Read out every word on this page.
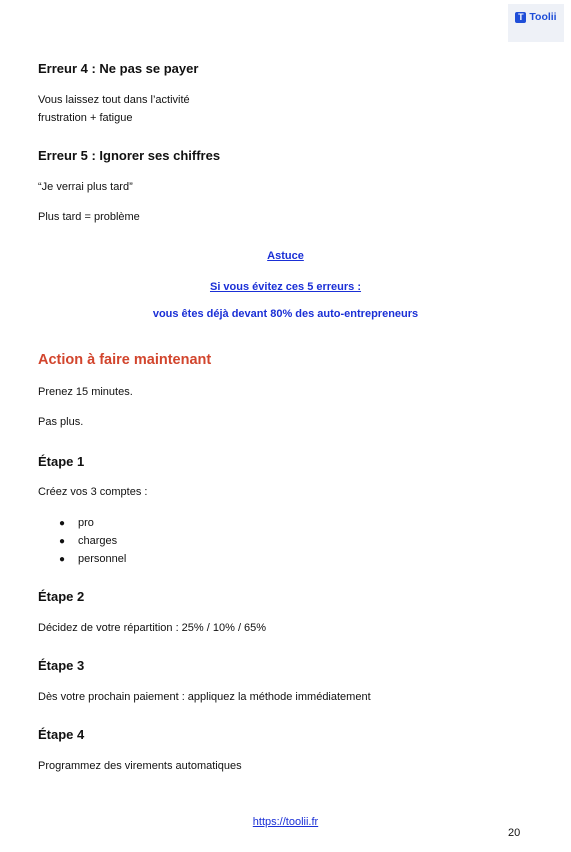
T Toolii
Erreur 4 : Ne pas se payer
Vous laissez tout dans l’activité
frustration + fatigue
Erreur 5 : Ignorer ses chiffres
“Je verrai plus tard”
Plus tard = problème
Astuce
Si vous évitez ces 5 erreurs :
vous êtes déjà devant 80% des auto-entrepreneurs
Action à faire maintenant
Prenez 15 minutes.
Pas plus.
Étape 1
Créez vos 3 comptes :
● pro
● charges
● personnel
Étape 2
Décidez de votre répartition : 25% / 10% / 65%
Étape 3
Dès votre prochain paiement : appliquez la méthode immédiatement
Étape 4
Programmez des virements automatiques
https://toolii.fr
20
